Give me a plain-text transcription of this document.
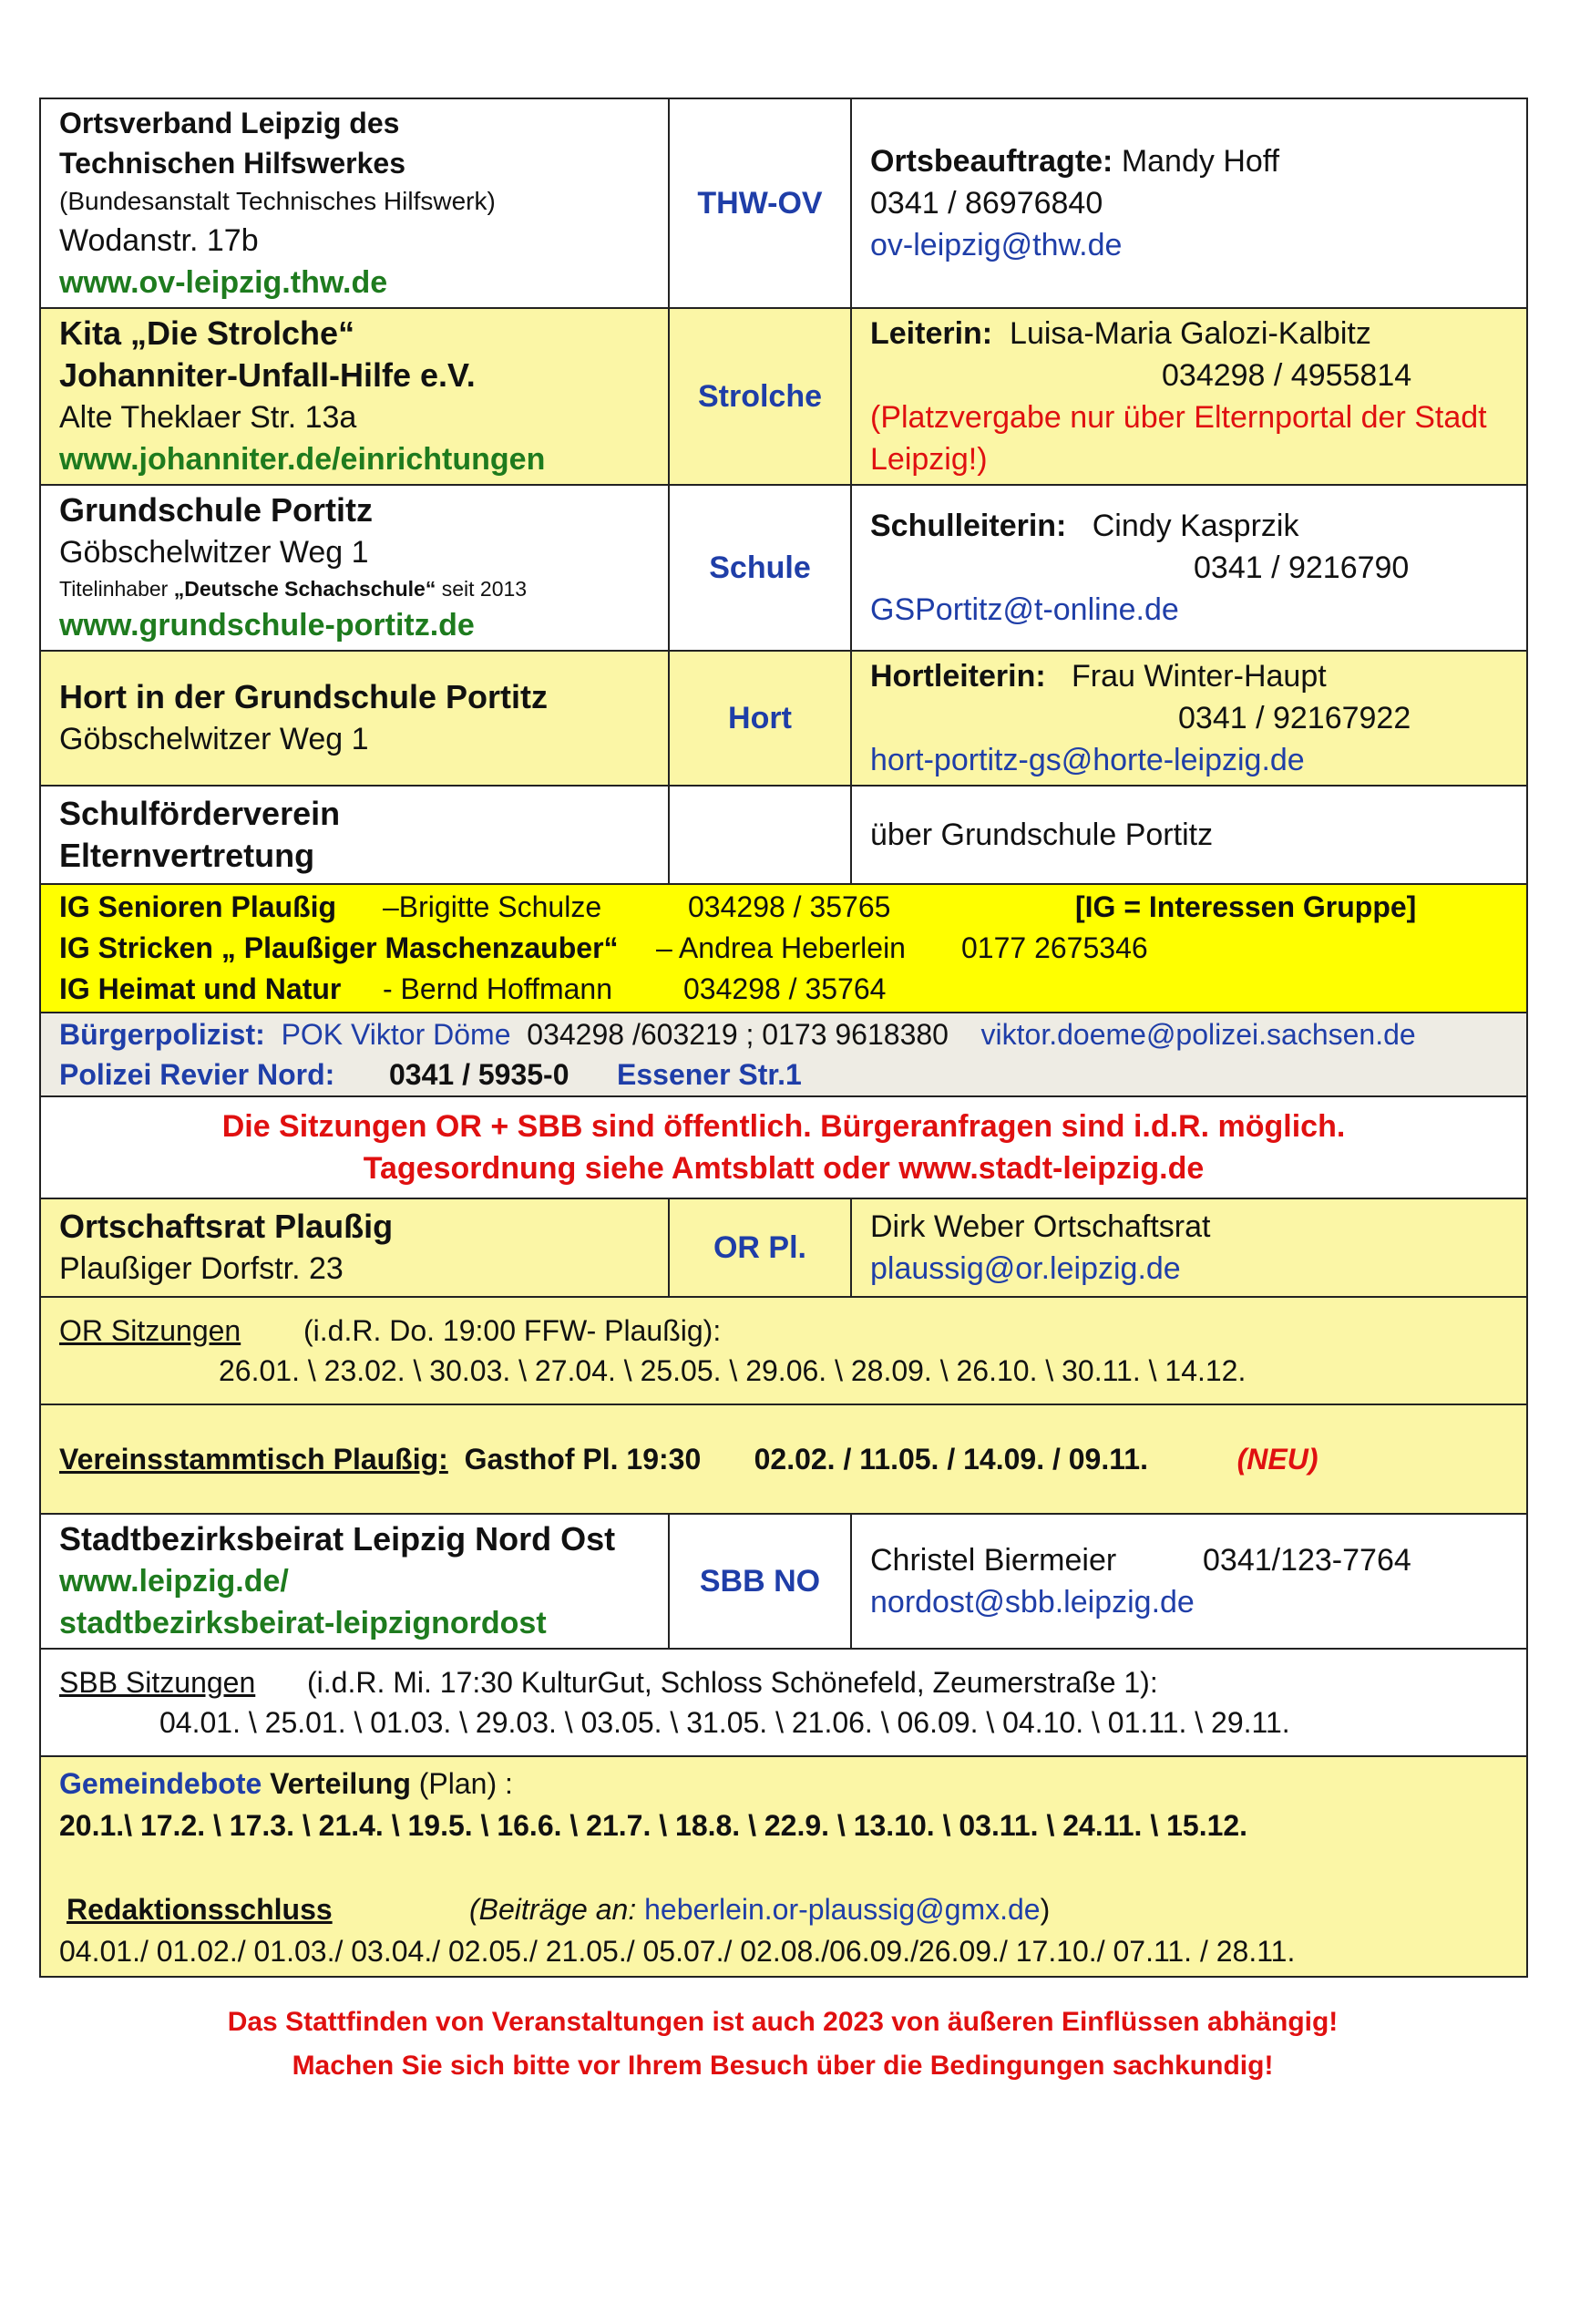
Ortsverband Leipzig des
Technischen Hilfswerkes
(Bundesanstalt Technisches Hilfswerk)
Wodanstr. 17b
www.ov-leipzig.thw.de	THW-OV	Ortsbeauftragte: Mandy Hoff
0341 / 86976840
ov-leipzig@thw.de

Kita „Die Strolche“
Johanniter-Unfall-Hilfe e.V.
Alte Theklaer Str. 13a
www.johanniter.de/einrichtungen	Strolche	Leiterin: Luisa-Maria Galozi-Kalbitz
034298 / 4955814
(Platzvergabe nur über Elternportal der Stadt Leipzig!)

Grundschule Portitz
Göbschelwitzer Weg 1
Titelinhaber „Deutsche Schachschule“ seit 2013
www.grundschule-portitz.de	Schule	Schulleiterin: Cindy Kasprzik
0341 / 9216790
GSPortitz@t-online.de

Hort in der Grundschule Portitz
Göbschelwitzer Weg 1	Hort	Hortleiterin: Frau Winter-Haupt
0341 / 92167922
hort-portitz-gs@horte-leipzig.de

Schulförderverein
Elternvertretung		über Grundschule Portitz

IG Senioren Plaußig –Brigitte Schulze 034298 / 35765 [IG = Interessen Gruppe]
IG Stricken „ Plaußiger Maschenzauber“ – Andrea Heberlein 0177 2675346
IG Heimat und Natur - Bernd Hoffmann 034298 / 35764		

Bürgerpolizist: POK Viktor Döme 034298 /603219 ; 0173 9618380 viktor.doeme@polizei.sachsen.de
Polizei Revier Nord: 0341 / 5935-0 Essener Str.1		

Die Sitzungen OR + SBB sind öffentlich. Bürgeranfragen sind i.d.R. möglich.
Tagesordnung siehe Amtsblatt oder www.stadt-leipzig.de		

Ortschaftsrat Plaußig
Plaußiger Dorfstr. 23	OR Pl.	Dirk Weber Ortschaftsrat
plaussig@or.leipzig.de

OR Sitzungen (i.d.R. Do. 19:00 FFW- Plaußig):
26.01. \ 23.02. \ 30.03. \ 27.04. \ 25.05. \ 29.06. \ 28.09. \ 26.10. \ 30.11. \ 14.12.		

Vereinsstammtisch Plaußig: Gasthof Pl. 19:30 02.02. / 11.05. / 14.09. / 09.11. (NEU)		

Stadtbezirksbeirat Leipzig Nord Ost
www.leipzig.de/
stadtbezirksbeirat-leipzignordost	SBB NO	Christel Biermeier 0341/123-7764
nordost@sbb.leipzig.de

SBB Sitzungen (i.d.R. Mi. 17:30 KulturGut, Schloss Schönefeld, Zeumerstraße 1):
04.01. \ 25.01. \ 01.03. \ 29.03. \ 03.05. \ 31.05. \ 21.06. \ 06.09. \ 04.10. \ 01.11. \ 29.11.		

Gemeindebote Verteilung (Plan) :
20.1.\ 17.2. \ 17.3. \ 21.4. \ 19.5. \ 16.6. \ 21.7. \ 18.8. \ 22.9. \ 13.10. \ 03.11. \ 24.11. \ 15.12.
Redaktionsschluss (Beiträge an: heberlein.or-plaussig@gmx.de)
04.01./ 01.02./ 01.03./ 03.04./ 02.05./ 21.05./ 05.07./ 02.08./06.09./26.09./ 17.10./ 07.11. / 28.11.		
Das Stattfinden von Veranstaltungen ist auch 2023 von äußeren Einflüssen abhängig!
Machen Sie sich bitte vor Ihrem Besuch über die Bedingungen sachkundig!
